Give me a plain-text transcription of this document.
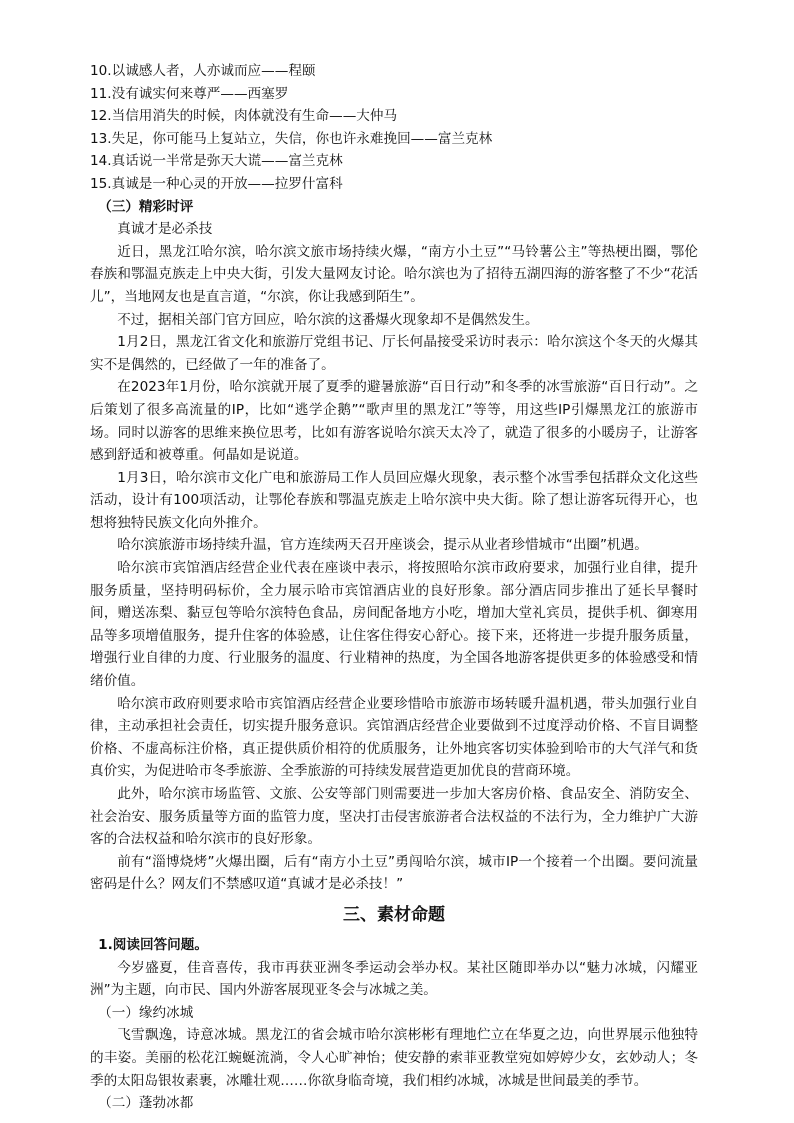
10.以诚感人者，人亦诚而应——程颐

11.没有诚实何来尊严——西塞罗

12.当信用消失的时候，肉体就没有生命——大仲马

13.失足，你可能马上复站立，失信，你也许永难挽回——富兰克林

14.真话说一半常是弥天大谎——富兰克林

15.真诚是一种心灵的开放——拉罗什富科

（三）精彩时评

真诚才是必杀技

近日，黑龙江哈尔滨，哈尔滨文旅市场持续火爆，“南方小土豆”“马铃薯公主”等热梗出圈，鄂伦春族和鄂温克族走上中央大街，引发大量网友讨论。哈尔滨也为了招待五湖四海的游客整了不少“花活儿”，当地网友也是直言道，“尔滨，你让我感到陌生”。

不过，据相关部门官方回应，哈尔滨的这番爆火现象却不是偶然发生。

1月2日，黑龙江省文化和旅游厅党组书记、厅长何晶接受采访时表示：哈尔滨这个冬天的火爆其实不是偶然的，已经做了一年的准备了。

在2023年1月份，哈尔滨就开展了夏季的避暑旅游“百日行动”和冬季的冰雪旅游“百日行动”。之后策划了很多高流量的IP，比如“逃学企鹅”“歌声里的黑龙江”等等，用这些IP引爆黑龙江的旅游市场。同时以游客的思维来换位思考，比如有游客说哈尔滨天太冷了，就造了很多的小暖房子，让游客感到舒适和被尊重。何晶如是说道。

1月3日，哈尔滨市文化广电和旅游局工作人员回应爆火现象，表示整个冰雪季包括群众文化这些活动，设计有100项活动，让鄂伦春族和鄂温克族走上哈尔滨中央大街。除了想让游客玩得开心，也想将独特民族文化向外推介。

哈尔滨旅游市场持续升温，官方连续两天召开座谈会，提示从业者珍惜城市“出圈”机遇。

哈尔滨市宾馆酒店经营企业代表在座谈中表示，将按照哈尔滨市政府要求，加强行业自律，提升服务质量，坚持明码标价，全力展示哈市宾馆酒店业的良好形象。部分酒店同步推出了延长早餐时间，赠送冻梨、黏豆包等哈尔滨特色食品，房间配备地方小吃，增加大堂礼宾员，提供手机、御寒用品等多项增值服务，提升住客的体验感，让住客住得安心舒心。接下来，还将进一步提升服务质量，增强行业自律的力度、行业服务的温度、行业精神的热度，为全国各地游客提供更多的体验感受和情绪价值。

哈尔滨市政府则要求哈市宾馆酒店经营企业要珍惜哈市旅游市场转暖升温机遇，带头加强行业自律，主动承担社会责任，切实提升服务意识。宾馆酒店经营企业要做到不过度浮动价格、不盲目调整价格、不虚高标注价格，真正提供质价相符的优质服务，让外地宾客切实体验到哈市的大气洋气和货真价实，为促进哈市冬季旅游、全季旅游的可持续发展营造更加优良的营商环境。

此外，哈尔滨市场监管、文旅、公安等部门则需要进一步加大客房价格、食品安全、消防安全、社会治安、服务质量等方面的监管力度，坚决打击侵害旅游者合法权益的不法行为，全力维护广大游客的合法权益和哈尔滨市的良好形象。

前有“淄博烧烤”火爆出圈，后有“南方小土豆”勇闯哈尔滨，城市IP一个接着一个出圈。要问流量密码是什么？网友们不禁感叹道“真诚才是必杀技！”

三、素材命题

1.阅读回答问题。

今岁盛夏，佳音喜传，我市再获亚洲冬季运动会举办权。某社区随即举办以“魅力冰城，闪耀亚洲”为主题，向市民、国内外游客展现亚冬会与冰城之美。

（一）缘约冰城

飞雪飘逸，诗意冰城。黑龙江的省会城市哈尔滨彬彬有理地伫立在华夏之边，向世界展示他独特的丰姿。美丽的松花江蜿蜒流淌，令人心旷神怡；使安静的索菲亚教堂宛如婷婷少女，玄妙动人；冬季的太阳岛银妆素裹，冰雕壮观……你欲身临奇境，我们相约冰城，冰城是世间最美的季节。

（二）蓬勃冰都
